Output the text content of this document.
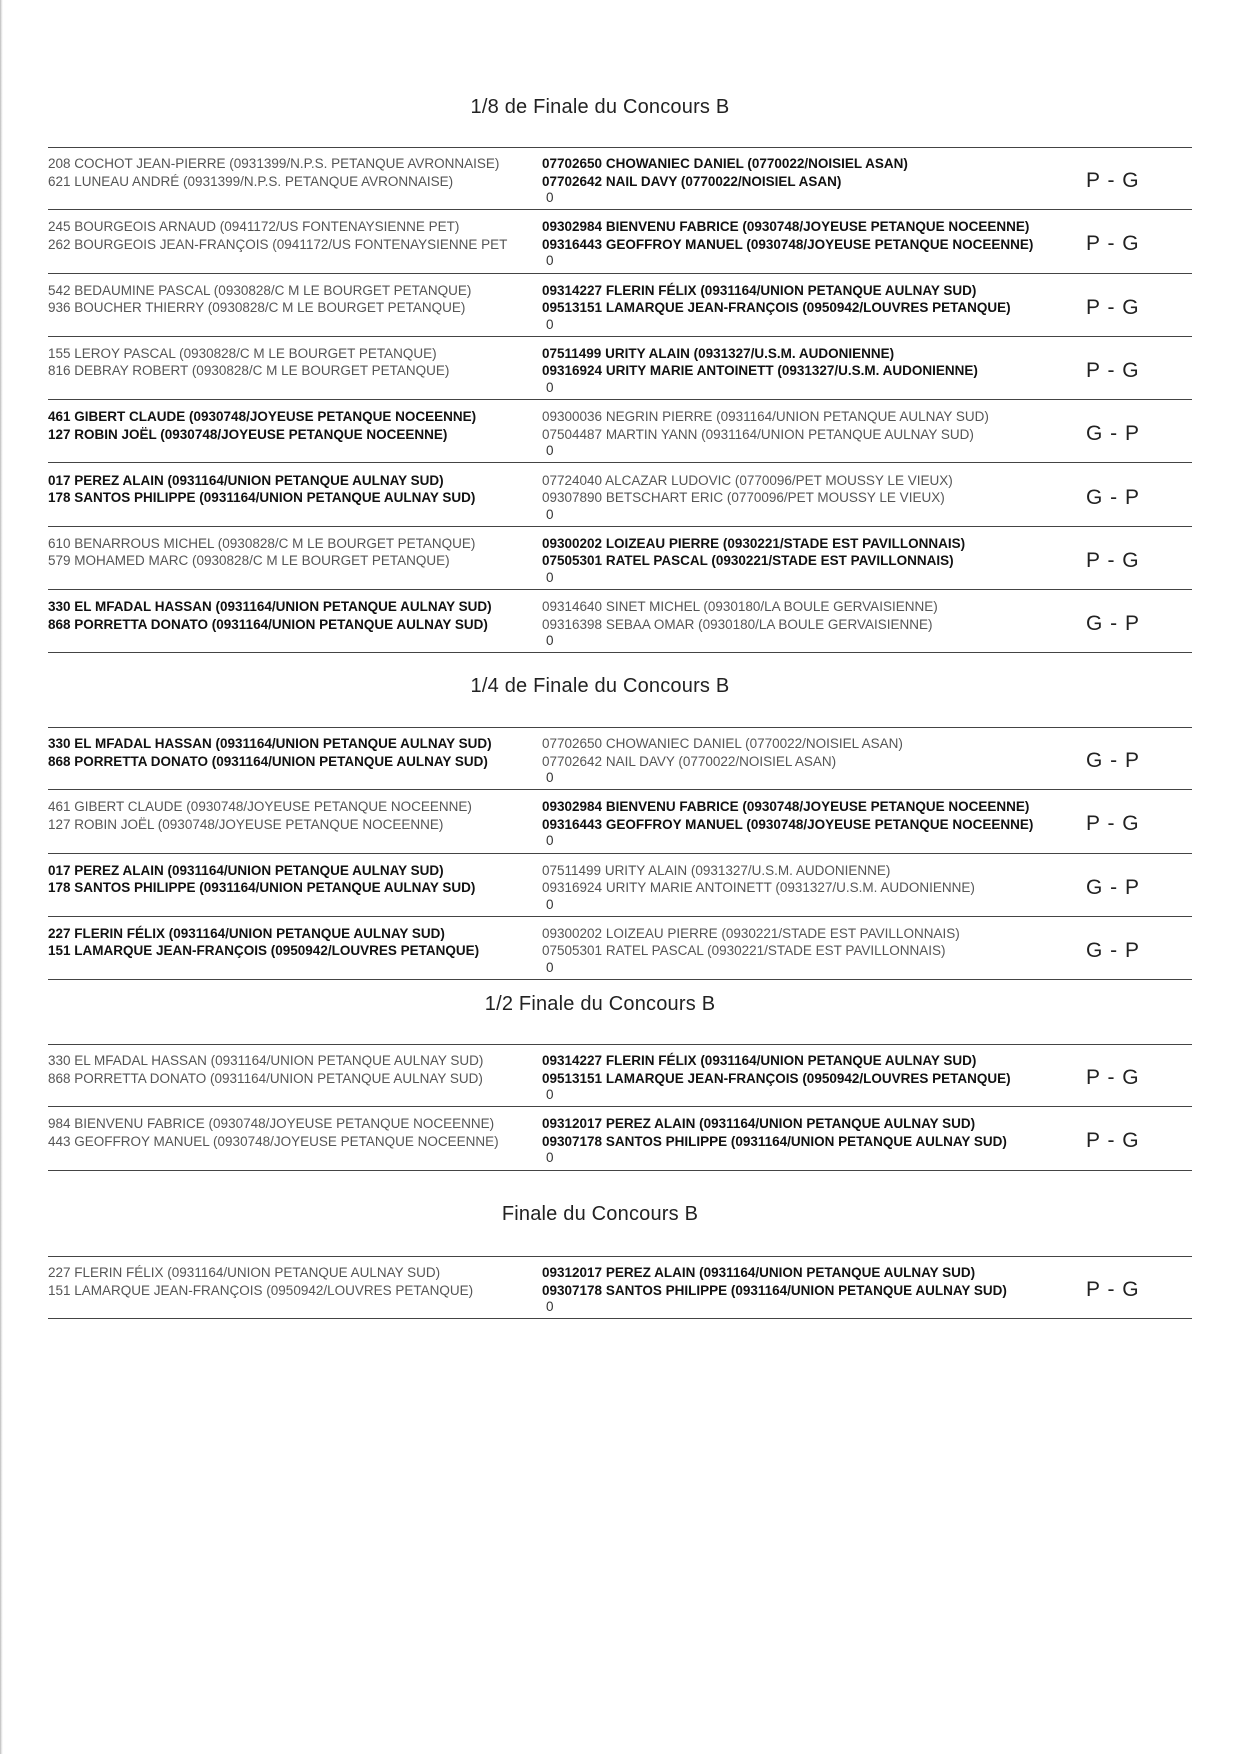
1/8 de Finale du Concours B
208 COCHOT JEAN-PIERRE (0931399/N.P.S. PETANQUE AVRONNAISE)
621 LUNEAU ANDRÉ (0931399/N.P.S. PETANQUE AVRONNAISE)
07702650 CHOWANIEC DANIEL (0770022/NOISIEL ASAN)
07702642 NAIL DAVY (0770022/NOISIEL ASAN)
0
P - G
245 BOURGEOIS ARNAUD (0941172/US FONTENAYSIENNE PET)
262 BOURGEOIS JEAN-FRANÇOIS (0941172/US FONTENAYSIENNE PET
09302984 BIENVENU FABRICE (0930748/JOYEUSE PETANQUE NOCEENNE)
09316443 GEOFFROY MANUEL (0930748/JOYEUSE PETANQUE NOCEENNE)
0
P - G
542 BEDAUMINE PASCAL (0930828/C M LE BOURGET PETANQUE)
936 BOUCHER THIERRY (0930828/C M LE BOURGET PETANQUE)
09314227 FLERIN FÉLIX (0931164/UNION PETANQUE AULNAY SUD)
09513151 LAMARQUE JEAN-FRANÇOIS (0950942/LOUVRES PETANQUE)
0
P - G
155 LEROY PASCAL (0930828/C M LE BOURGET PETANQUE)
816 DEBRAY ROBERT (0930828/C M LE BOURGET PETANQUE)
07511499 URITY ALAIN (0931327/U.S.M. AUDONIENNE)
09316924 URITY MARIE ANTOINETT (0931327/U.S.M. AUDONIENNE)
0
P - G
461 GIBERT CLAUDE (0930748/JOYEUSE PETANQUE NOCEENNE)
127 ROBIN JOËL (0930748/JOYEUSE PETANQUE NOCEENNE)
09300036 NEGRIN PIERRE (0931164/UNION PETANQUE AULNAY SUD)
07504487 MARTIN YANN (0931164/UNION PETANQUE AULNAY SUD)
0
G - P
017 PEREZ ALAIN (0931164/UNION PETANQUE AULNAY SUD)
178 SANTOS PHILIPPE (0931164/UNION PETANQUE AULNAY SUD)
07724040 ALCAZAR LUDOVIC (0770096/PET MOUSSY LE VIEUX)
09307890 BETSCHART ERIC (0770096/PET MOUSSY LE VIEUX)
0
G - P
610 BENARROUS MICHEL (0930828/C M LE BOURGET PETANQUE)
579 MOHAMED MARC (0930828/C M LE BOURGET PETANQUE)
09300202 LOIZEAU PIERRE (0930221/STADE EST PAVILLONNAIS)
07505301 RATEL PASCAL (0930221/STADE EST PAVILLONNAIS)
0
P - G
330 EL MFADAL HASSAN (0931164/UNION PETANQUE AULNAY SUD)
868 PORRETTA DONATO (0931164/UNION PETANQUE AULNAY SUD)
09314640 SINET MICHEL (0930180/LA BOULE GERVAISIENNE)
09316398 SEBAA OMAR (0930180/LA BOULE GERVAISIENNE)
0
G - P
1/4 de Finale du Concours B
330 EL MFADAL HASSAN (0931164/UNION PETANQUE AULNAY SUD)
868 PORRETTA DONATO (0931164/UNION PETANQUE AULNAY SUD)
07702650 CHOWANIEC DANIEL (0770022/NOISIEL ASAN)
07702642 NAIL DAVY (0770022/NOISIEL ASAN)
0
G - P
461 GIBERT CLAUDE (0930748/JOYEUSE PETANQUE NOCEENNE)
127 ROBIN JOËL (0930748/JOYEUSE PETANQUE NOCEENNE)
09302984 BIENVENU FABRICE (0930748/JOYEUSE PETANQUE NOCEENNE)
09316443 GEOFFROY MANUEL (0930748/JOYEUSE PETANQUE NOCEENNE)
0
P - G
017 PEREZ ALAIN (0931164/UNION PETANQUE AULNAY SUD)
178 SANTOS PHILIPPE (0931164/UNION PETANQUE AULNAY SUD)
07511499 URITY ALAIN (0931327/U.S.M. AUDONIENNE)
09316924 URITY MARIE ANTOINETT (0931327/U.S.M. AUDONIENNE)
0
G - P
227 FLERIN FÉLIX (0931164/UNION PETANQUE AULNAY SUD)
151 LAMARQUE JEAN-FRANÇOIS (0950942/LOUVRES PETANQUE)
09300202 LOIZEAU PIERRE (0930221/STADE EST PAVILLONNAIS)
07505301 RATEL PASCAL (0930221/STADE EST PAVILLONNAIS)
0
G - P
1/2 Finale du Concours B
330 EL MFADAL HASSAN (0931164/UNION PETANQUE AULNAY SUD)
868 PORRETTA DONATO (0931164/UNION PETANQUE AULNAY SUD)
09314227 FLERIN FÉLIX (0931164/UNION PETANQUE AULNAY SUD)
09513151 LAMARQUE JEAN-FRANÇOIS (0950942/LOUVRES PETANQUE)
0
P - G
984 BIENVENU FABRICE (0930748/JOYEUSE PETANQUE NOCEENNE)
443 GEOFFROY MANUEL (0930748/JOYEUSE PETANQUE NOCEENNE)
09312017 PEREZ ALAIN (0931164/UNION PETANQUE AULNAY SUD)
09307178 SANTOS PHILIPPE (0931164/UNION PETANQUE AULNAY SUD)
0
P - G
Finale du Concours B
227 FLERIN FÉLIX (0931164/UNION PETANQUE AULNAY SUD)
151 LAMARQUE JEAN-FRANÇOIS (0950942/LOUVRES PETANQUE)
09312017 PEREZ ALAIN (0931164/UNION PETANQUE AULNAY SUD)
09307178 SANTOS PHILIPPE (0931164/UNION PETANQUE AULNAY SUD)
0
P - G
